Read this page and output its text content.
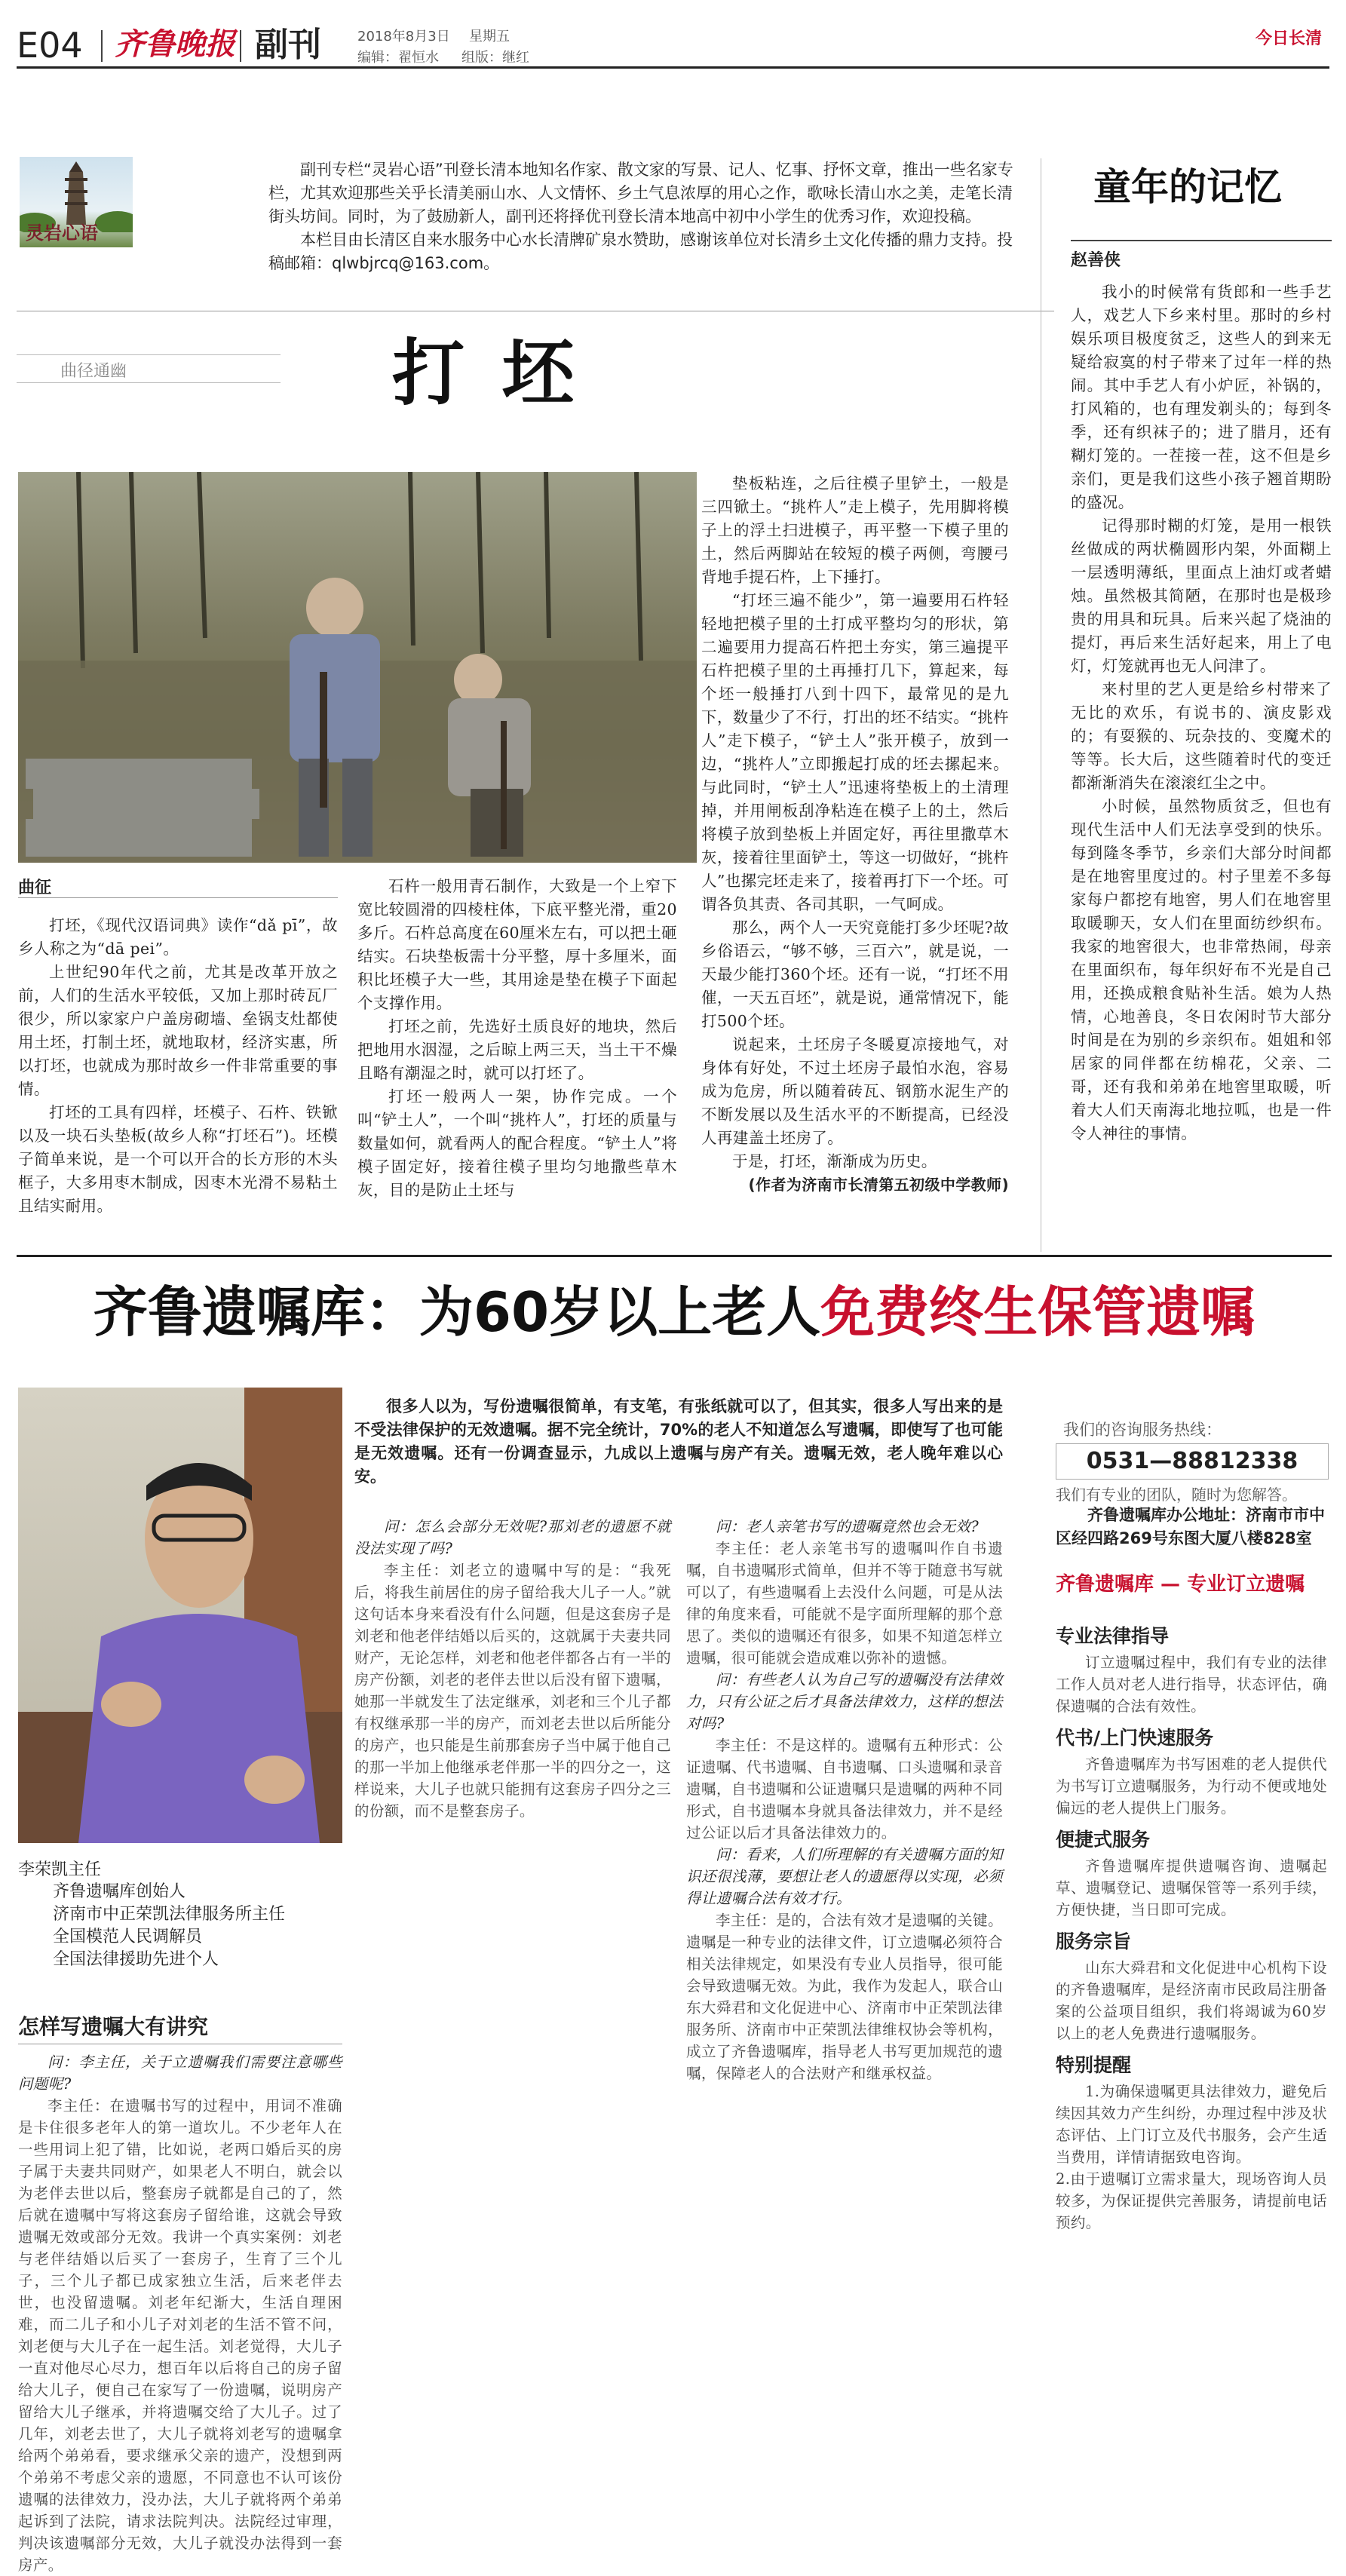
E04 齐鲁晚报 副刊	2018年8月3日 星期五
编辑：翟恒水 组版：继红
今日长清
灵岩心语

副刊专栏“灵岩心语”刊登长清本地知名作家、散文家的写景、记人、忆事、抒怀文章，推出一些名家专栏，尤其欢迎那些关乎长清美丽山水、人文情怀、乡土气息浓厚的用心之作，歌咏长清山水之美，走笔长清街头坊间。同时，为了鼓励新人，副刊还将择优刊登长清本地高中初中小学生的优秀习作，欢迎投稿。

本栏目由长清区自来水服务中心水长清牌矿泉水赞助，感谢该单位对长清乡土文化传播的鼎力支持。投稿邮箱：qlwbjrcq@163.com。

曲径通幽	打 坯
曲征

打坯，《现代汉语词典》读作“dǎ pī”，故乡人称之为“dā pei”。

上世纪90年代之前，尤其是改革开放之前，人们的生活水平较低，又加上那时砖瓦厂很少，所以家家户户盖房砌墙、垒锅支灶都使用土坯，打制土坯，就地取材，经济实惠，所以打坯，也就成为那时故乡一件非常重要的事情。

打坯的工具有四样，坯模子、石杵、铁锨以及一块石头垫板(故乡人称“打坯石”)。坯模子简单来说，是一个可以开合的长方形的木头框子，大多用枣木制成，因枣木光滑不易粘土且结实耐用。

石杵一般用青石制作，大致是一个上窄下宽比较圆滑的四棱柱体，下底平整光滑，重20多斤。石杵总高度在60厘米左右，可以把土砸结实。石块垫板需十分平整，厚十多厘米，面积比坯模子大一些，其用途是垫在模子下面起个支撑作用。

打坯之前，先选好土质良好的地块，然后把地用水洇湿，之后晾上两三天，当土干不燥且略有潮湿之时，就可以打坯了。

打坯一般两人一架，协作完成。一个叫“铲土人”，一个叫“挑杵人”，打坯的质量与数量如何，就看两人的配合程度。“铲土人”将模子固定好，接着往模子里均匀地撒些草木灰，目的是防止土坯与

垫板粘连，之后往模子里铲土，一般是三四锨土。“挑杵人”走上模子，先用脚将模子上的浮土扫进模子，再平整一下模子里的土，然后两脚站在较短的模子两侧，弯腰弓背地手提石杵，上下捶打。

“打坯三遍不能少”，第一遍要用石杵轻轻地把模子里的土打成平整均匀的形状，第二遍要用力提高石杵把土夯实，第三遍提平石杵把模子里的土再捶打几下，算起来，每个坯一般捶打八到十四下，最常见的是九下，数量少了不行，打出的坯不结实。“挑杵人”走下模子，“铲土人”张开模子，放到一边，“挑杵人”立即搬起打成的坯去摞起来。与此同时，“铲土人”迅速将垫板上的土清理掉，并用闸板刮净粘连在模子上的土，然后将模子放到垫板上并固定好，再往里撒草木灰，接着往里面铲土，等这一切做好，“挑杵人”也摞完坯走来了，接着再打下一个坯。可谓各负其责、各司其职，一气呵成。

那么，两个人一天究竟能打多少坯呢?故乡俗语云，“够不够，三百六”，就是说，一天最少能打360个坯。还有一说，“打坯不用催，一天五百坯”，就是说，通常情况下，能打500个坯。

说起来，土坯房子冬暖夏凉接地气，对身体有好处，不过土坯房子最怕水泡，容易成为危房，所以随着砖瓦、钢筋水泥生产的不断发展以及生活水平的不断提高，已经没人再建盖土坯房了。

于是，打坯，渐渐成为历史。

(作者为济南市长清第五初级中学教师)
童年的记忆
赵善侠

我小的时候常有货郎和一些手艺人，戏艺人下乡来村里。那时的乡村娱乐项目极度贫乏，这些人的到来无疑给寂寞的村子带来了过年一样的热闹。其中手艺人有小炉匠，补锅的，打风箱的，也有理发剃头的；每到冬季，还有织袜子的；进了腊月，还有糊灯笼的。一茬接一茬，这不但是乡亲们，更是我们这些小孩子翘首期盼的盛况。

记得那时糊的灯笼，是用一根铁丝做成的两状椭圆形内架，外面糊上一层透明薄纸，里面点上油灯或者蜡烛。虽然极其简陋，在那时也是极珍贵的用具和玩具。后来兴起了烧油的提灯，再后来生活好起来，用上了电灯，灯笼就再也无人问津了。

来村里的艺人更是给乡村带来了无比的欢乐，有说书的、演皮影戏的；有耍猴的、玩杂技的、变魔术的等等。长大后，这些随着时代的变迁都渐渐消失在滚滚红尘之中。

小时候，虽然物质贫乏，但也有现代生活中人们无法享受到的快乐。每到隆冬季节，乡亲们大部分时间都是在地窖里度过的。村子里差不多每家每户都挖有地窖，男人们在地窖里取暖聊天，女人们在里面纺纱织布。我家的地窖很大，也非常热闹，母亲在里面织布，每年织好布不光是自己用，还换成粮食贴补生活。娘为人热情，心地善良，冬日农闲时节大部分时间是在为别的乡亲织布。姐姐和邻居家的同伴都在纺棉花，父亲、二哥，还有我和弟弟在地窖里取暖，听着大人们天南海北地拉呱，也是一件令人神往的事情。

齐鲁遗嘱库：为60岁以上老人免费终生保管遗嘱
李荣凯主任
齐鲁遗嘱库创始人
济南市中正荣凯法律服务所主任
全国模范人民调解员
全国法律援助先进个人
怎样写遗嘱大有讲究
很多人以为，写份遗嘱很简单，有支笔，有张纸就可以了，但其实，很多人写出来的是不受法律保护的无效遗嘱。据不完全统计，70%的老人不知道怎么写遗嘱，即使写了也可能是无效遗嘱。还有一份调查显示，九成以上遗嘱与房产有关。遗嘱无效，老人晚年难以心安。

问：李主任，关于立遗嘱我们需要注意哪些问题呢?

李主任：在遗嘱书写的过程中，用词不准确是卡住很多老年人的第一道坎儿。不少老年人在一些用词上犯了错，比如说，老两口婚后买的房子属于夫妻共同财产，如果老人不明白，就会以为老伴去世以后，整套房子就都是自己的了，然后就在遗嘱中写将这套房子留给谁，这就会导致遗嘱无效或部分无效。我讲一个真实案例：刘老与老伴结婚以后买了一套房子，生育了三个儿子，三个儿子都已成家独立生活，后来老伴去世，也没留遗嘱。刘老年纪渐大，生活自理困难，而二儿子和小儿子对刘老的生活不管不问，刘老便与大儿子在一起生活。刘老觉得，大儿子一直对他尽心尽力，想百年以后将自己的房子留给大儿子，便自己在家写了一份遗嘱，说明房产留给大儿子继承，并将遗嘱交给了大儿子。过了几年，刘老去世了，大儿子就将刘老写的遗嘱拿给两个弟弟看，要求继承父亲的遗产，没想到两个弟弟不考虑父亲的遗愿，不同意也不认可该份遗嘱的法律效力，没办法，大儿子就将两个弟弟起诉到了法院，请求法院判决。法院经过审理，判决该遗嘱部分无效，大儿子就没办法得到一套房产。

问：怎么会部分无效呢?那刘老的遗愿不就没法实现了吗?

李主任：刘老立的遗嘱中写的是：“我死后，将我生前居住的房子留给我大儿子一人。”就这句话本身来看没有什么问题，但是这套房子是刘老和他老伴结婚以后买的，这就属于夫妻共同财产，无论怎样，刘老和他老伴都各占有一半的房产份额，刘老的老伴去世以后没有留下遗嘱，她那一半就发生了法定继承，刘老和三个儿子都有权继承那一半的房产，而刘老去世以后所能分的房产，也只能是生前那套房子当中属于他自己的那一半加上他继承老伴那一半的四分之一，这样说来，大儿子也就只能拥有这套房子四分之三的份额，而不是整套房子。

问：老人亲笔书写的遗嘱竟然也会无效?

李主任：老人亲笔书写的遗嘱叫作自书遗嘱，自书遗嘱形式简单，但并不等于随意书写就可以了，有些遗嘱看上去没什么问题，可是从法律的角度来看，可能就不是字面所理解的那个意思了。类似的遗嘱还有很多，如果不知道怎样立遗嘱，很可能就会造成难以弥补的遗憾。

问：有些老人认为自己写的遗嘱没有法律效力，只有公证之后才具备法律效力，这样的想法对吗?

李主任：不是这样的。遗嘱有五种形式：公证遗嘱、代书遗嘱、自书遗嘱、口头遗嘱和录音遗嘱，自书遗嘱和公证遗嘱只是遗嘱的两种不同形式，自书遗嘱本身就具备法律效力，并不是经过公证以后才具备法律效力的。

问：看来，人们所理解的有关遗嘱方面的知识还很浅薄，要想让老人的遗愿得以实现，必须得让遗嘱合法有效才行。

李主任：是的，合法有效才是遗嘱的关键。遗嘱是一种专业的法律文件，订立遗嘱必须符合相关法律规定，如果没有专业人员指导，很可能会导致遗嘱无效。为此，我作为发起人，联合山东大舜君和文化促进中心、济南市中正荣凯法律服务所、济南市中正荣凯法律维权协会等机构，成立了齐鲁遗嘱库，指导老人书写更加规范的遗嘱，保障老人的合法财产和继承权益。

我们的咨询服务热线：
0531—88812338
我们有专业的团队，随时为您解答。
齐鲁遗嘱库办公地址：济南市市中区经四路269号东图大厦八楼828室
齐鲁遗嘱库 — 专业订立遗嘱
专业法律指导
订立遗嘱过程中，我们有专业的法律工作人员对老人进行指导，状态评估，确保遗嘱的合法有效性。
代书/上门快速服务
齐鲁遗嘱库为书写困难的老人提供代为书写订立遗嘱服务，为行动不便或地处偏远的老人提供上门服务。
便捷式服务
齐鲁遗嘱库提供遗嘱咨询、遗嘱起草、遗嘱登记、遗嘱保管等一系列手续，方便快捷，当日即可完成。
服务宗旨
山东大舜君和文化促进中心机构下设的齐鲁遗嘱库，是经济南市民政局注册备案的公益项目组织，我们将竭诚为60岁以上的老人免费进行遗嘱服务。
特别提醒
1.为确保遗嘱更具法律效力，避免后续因其效力产生纠纷，办理过程中涉及状态评估、上门订立及代书服务，会产生适当费用，详情请据致电咨询。
2.由于遗嘱订立需求量大，现场咨询人员较多，为保证提供完善服务，请提前电话预约。
